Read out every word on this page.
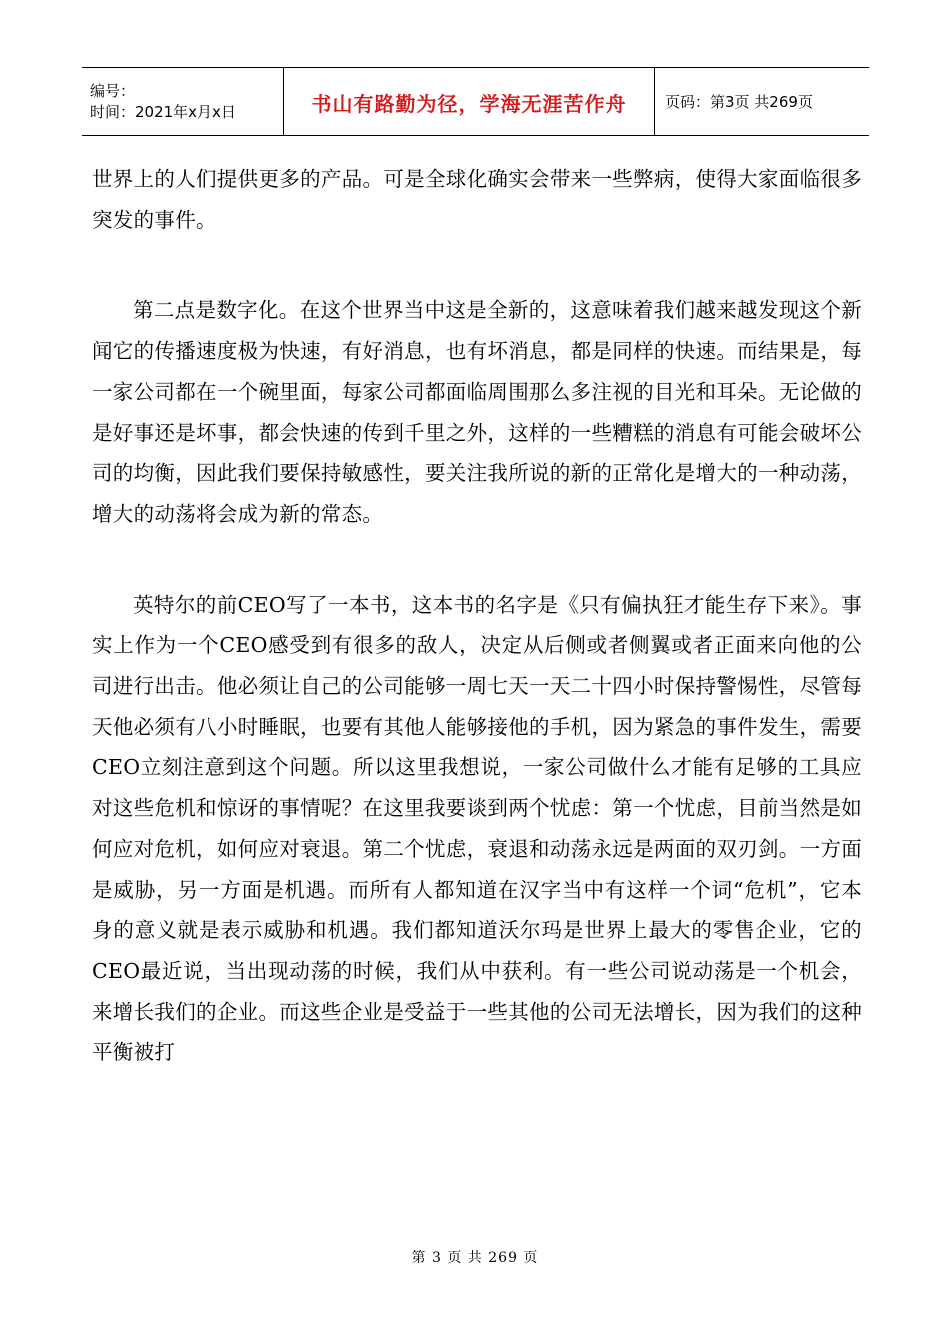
编号：
时间：2021年x月x日	书山有路勤为径，学海无涯苦作舟	页码：第3页 共269页

世界上的人们提供更多的产品。可是全球化确实会带来一些弊病，使得大家面临很多突发的事件。

第二点是数字化。在这个世界当中这是全新的，这意味着我们越来越发现这个新闻它的传播速度极为快速，有好消息，也有坏消息，都是同样的快速。而结果是，每一家公司都在一个碗里面，每家公司都面临周围那么多注视的目光和耳朵。无论做的是好事还是坏事，都会快速的传到千里之外，这样的一些糟糕的消息有可能会破坏公司的均衡，因此我们要保持敏感性，要关注我所说的新的正常化是增大的一种动荡，增大的动荡将会成为新的常态。

英特尔的前CEO写了一本书，这本书的名字是《只有偏执狂才能生存下来》。事实上作为一个CEO感受到有很多的敌人，决定从后侧或者侧翼或者正面来向他的公司进行出击。他必须让自己的公司能够一周七天一天二十四小时保持警惕性，尽管每天他必须有八小时睡眠，也要有其他人能够接他的手机，因为紧急的事件发生，需要CEO立刻注意到这个问题。所以这里我想说，一家公司做什么才能有足够的工具应对这些危机和惊讶的事情呢？在这里我要谈到两个忧虑：第一个忧虑，目前当然是如何应对危机，如何应对衰退。第二个忧虑，衰退和动荡永远是两面的双刃剑。一方面是威胁，另一方面是机遇。而所有人都知道在汉字当中有这样一个词“危机”，它本身的意义就是表示威胁和机遇。我们都知道沃尔玛是世界上最大的零售企业，它的CEO最近说，当出现动荡的时候，我们从中获利。有一些公司说动荡是一个机会，来增长我们的企业。而这些企业是受益于一些其他的公司无法增长，因为我们的这种平衡被打

第 3 页 共 269 页
